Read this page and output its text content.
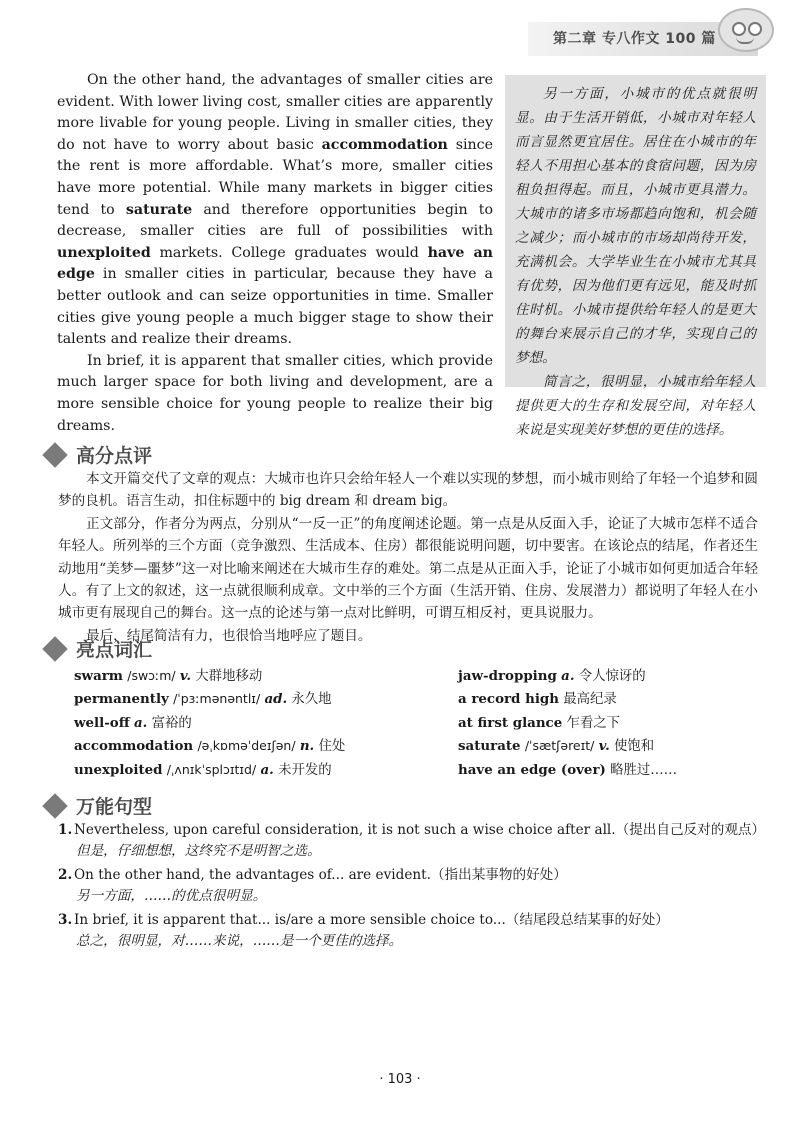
第二章 专八作文 100 篇

On the other hand, the advantages of smaller cities are evident. With lower living cost, smaller cities are apparently more livable for young people. Living in smaller cities, they do not have to worry about basic accommodation since the rent is more affordable. What’s more, smaller cities have more potential. While many markets in bigger cities tend to saturate and therefore opportunities begin to decrease, smaller cities are full of possibilities with unexploited markets. College graduates would have an edge in smaller cities in particular, because they have a better outlook and can seize opportunities in time. Smaller cities give young people a much bigger stage to show their talents and realize their dreams.

In brief, it is apparent that smaller cities, which provide much larger space for both living and development, are a more sensible choice for young people to realize their big dreams.

另一方面，小城市的优点就很明显。由于生活开销低，小城市对年轻人而言显然更宜居住。居住在小城市的年轻人不用担心基本的食宿问题，因为房租负担得起。而且，小城市更具潜力。大城市的诸多市场都趋向饱和，机会随之减少；而小城市的市场却尚待开发，充满机会。大学毕业生在小城市尤其具有优势，因为他们更有远见，能及时抓住时机。小城市提供给年轻人的是更大的舞台来展示自己的才华，实现自己的梦想。

简言之，很明显，小城市给年轻人提供更大的生存和发展空间，对年轻人来说是实现美好梦想的更佳的选择。

高分点评

本文开篇交代了文章的观点：大城市也许只会给年轻人一个难以实现的梦想，而小城市则给了年轻一个追梦和圆梦的良机。语言生动，扣住标题中的 big dream 和 dream big。

正文部分，作者分为两点，分别从“一反一正”的角度阐述论题。第一点是从反面入手，论证了大城市怎样不适合年轻人。所列举的三个方面（竞争激烈、生活成本、住房）都很能说明问题，切中要害。在该论点的结尾，作者还生动地用“美梦—噩梦”这一对比喻来阐述在大城市生存的难处。第二点是从正面入手，论证了小城市如何更加适合年轻人。有了上文的叙述，这一点就很顺利成章。文中举的三个方面（生活开销、住房、发展潜力）都说明了年轻人在小城市更有展现自己的舞台。这一点的论述与第一点对比鲜明，可谓互相反衬，更具说服力。

最后，结尾简洁有力，也很恰当地呼应了题目。

亮点词汇
swarm /swɔːm/ v. 大群地移动
permanently /ˈpɜːmənəntlɪ/ ad. 永久地
well-off a. 富裕的
accommodation /əˌkɒməˈdeɪʃən/ n. 住处
unexploited /ˌʌnɪkˈsplɔɪtɪd/ a. 未开发的
jaw-dropping a. 令人惊讶的
a record high 最高纪录
at first glance 乍看之下
saturate /ˈsætʃəreɪt/ v. 使饱和
have an edge (over) 略胜过……
万能句型
1. Nevertheless, upon careful consideration, it is not such a wise choice after all.（提出自己反对的观点）
但是，仔细想想，这终究不是明智之选。
2. On the other hand, the advantages of... are evident.（指出某事物的好处）
另一方面，……的优点很明显。
3. In brief, it is apparent that... is/are a more sensible choice to...（结尾段总结某事的好处）
总之，很明显，对……来说，……是一个更佳的选择。
· 103 ·
